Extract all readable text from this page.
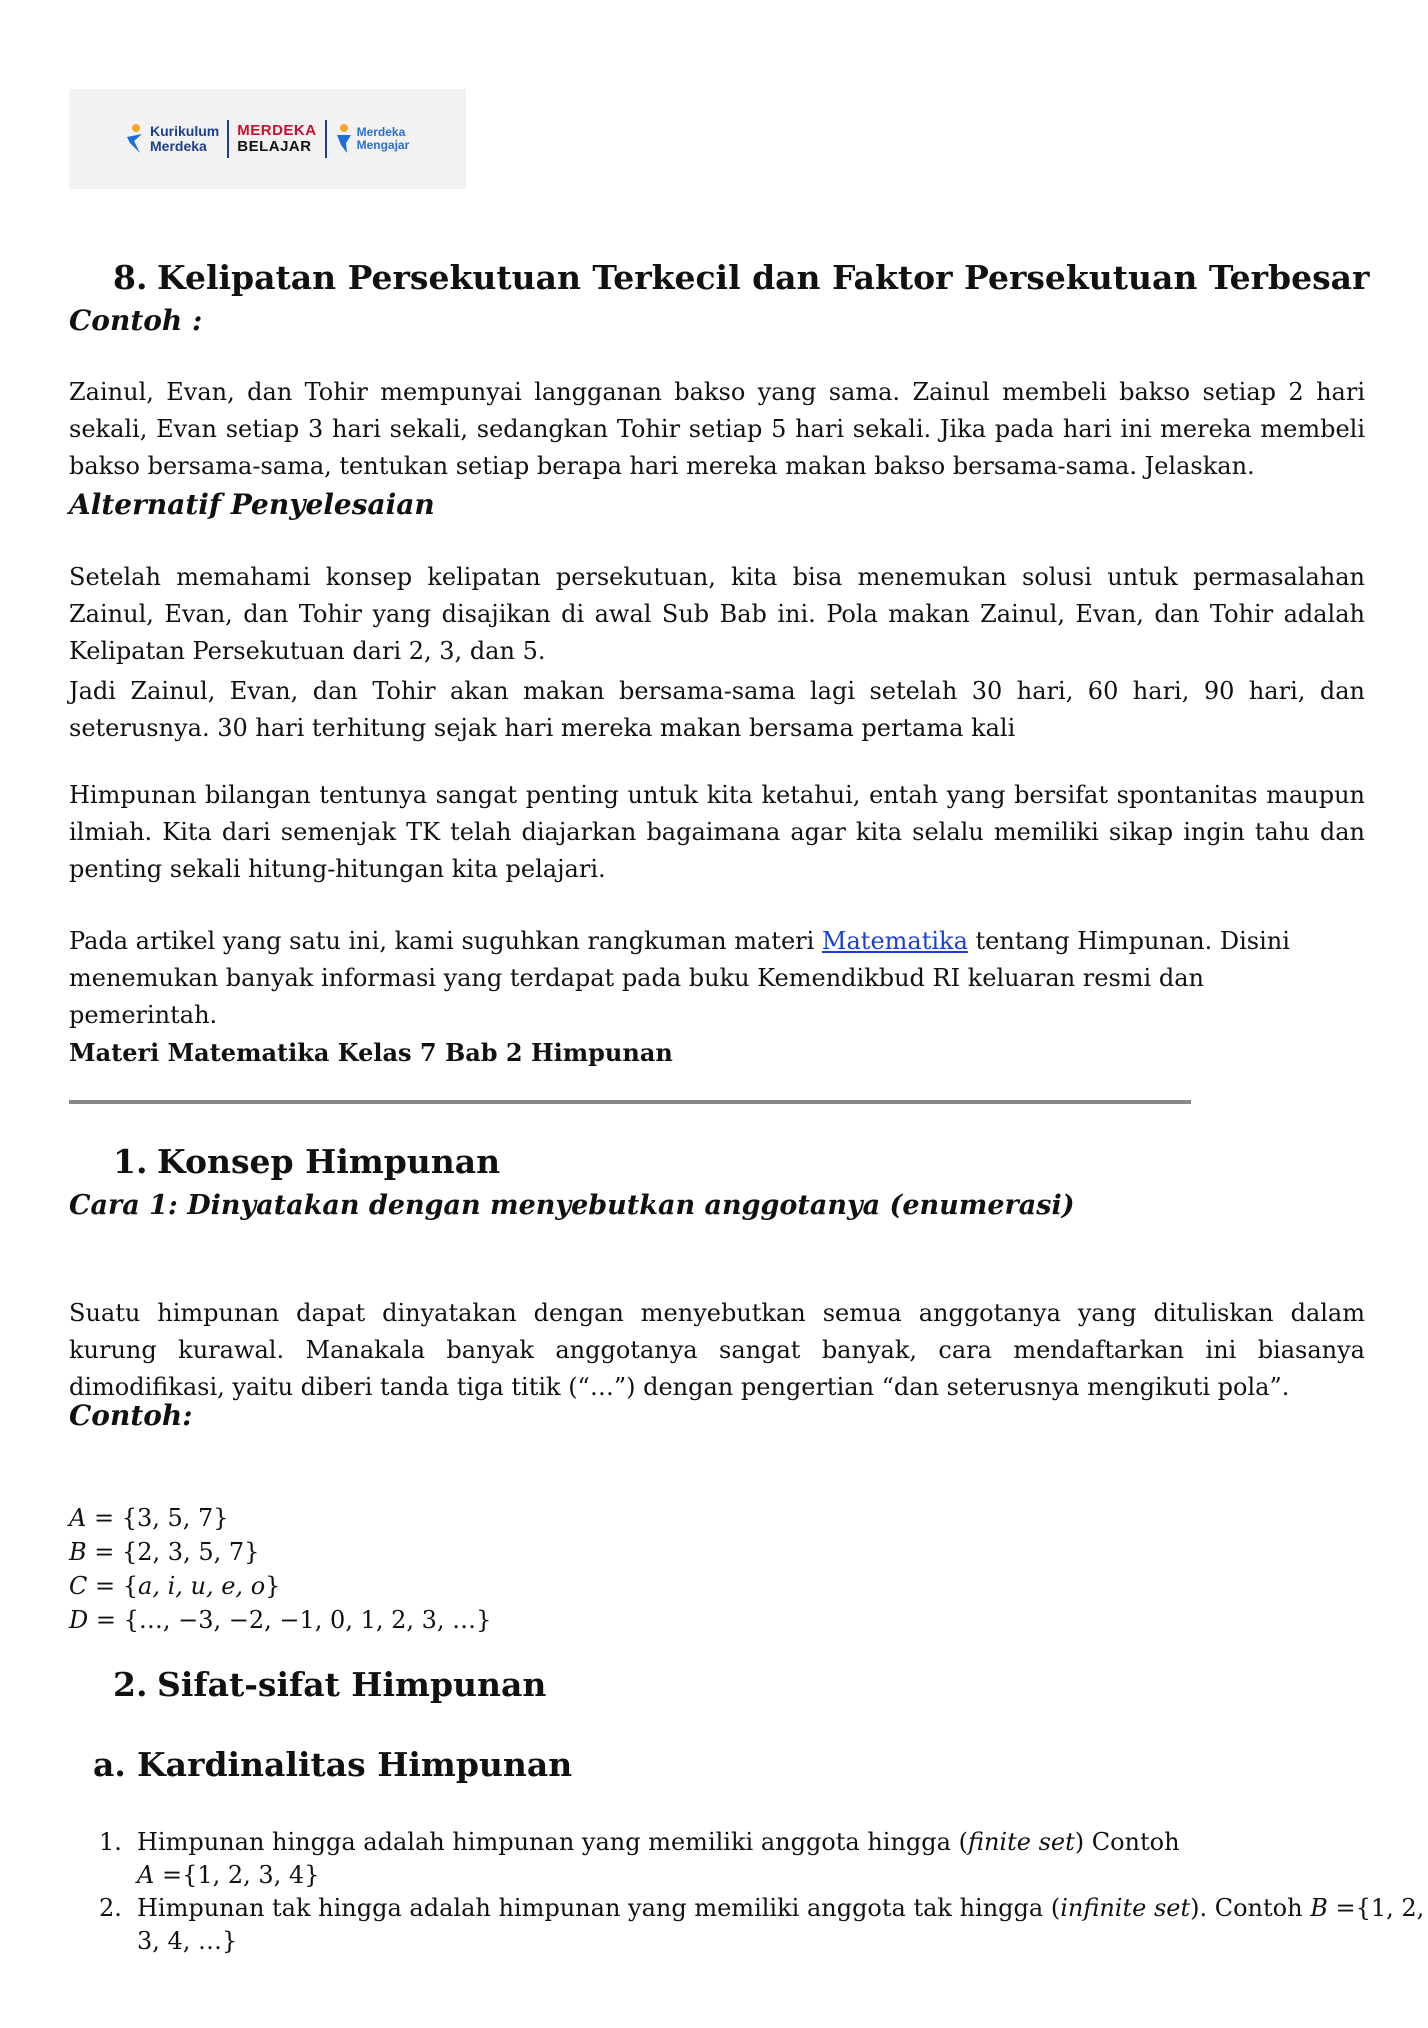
Kurikulum
Merdeka
MERDEKA
BELAJAR
Merdeka
Mengajar
8. Kelipatan Persekutuan Terkecil dan Faktor Persekutuan Terbesar
Contoh :

Zainul, Evan, dan Tohir mempunyai langganan bakso yang sama. Zainul membeli bakso setiap 2 hari sekali, Evan setiap 3 hari sekali, sedangkan Tohir setiap 5 hari sekali. Jika pada hari ini mereka membeli bakso bersama-sama, tentukan setiap berapa hari mereka makan bakso bersama-sama. Jelaskan.

Alternatif Penyelesaian

Setelah memahami konsep kelipatan persekutuan, kita bisa menemukan solusi untuk permasalahan Zainul, Evan, dan Tohir yang disajikan di awal Sub Bab ini. Pola makan Zainul, Evan, dan Tohir adalah Kelipatan Persekutuan dari 2, 3, dan 5.

Jadi Zainul, Evan, dan Tohir akan makan bersama-sama lagi setelah 30 hari, 60 hari, 90 hari, dan seterusnya. 30 hari terhitung sejak hari mereka makan bersama pertama kali

Himpunan bilangan tentunya sangat penting untuk kita ketahui, entah yang bersifat spontanitas maupun ilmiah. Kita dari semenjak TK telah diajarkan bagaimana agar kita selalu memiliki sikap ingin tahu dan penting sekali hitung-hitungan kita pelajari.

Pada artikel yang satu ini, kami suguhkan rangkuman materi Matematika tentang Himpunan. Disini menemukan banyak informasi yang terdapat pada buku Kemendikbud RI keluaran resmi dan pemerintah.

Materi Matematika Kelas 7 Bab 2 Himpunan
1. Konsep Himpunan
Cara 1: Dinyatakan dengan menyebutkan anggotanya (enumerasi)

Suatu himpunan dapat dinyatakan dengan menyebutkan semua anggotanya yang dituliskan dalam kurung kurawal. Manakala banyak anggotanya sangat banyak, cara mendaftarkan ini biasanya dimodifikasi, yaitu diberi tanda tiga titik (“…”) dengan pengertian “dan seterusnya mengikuti pola”.

Contoh:
A = {3, 5, 7}
B = {2, 3, 5, 7}
C = {a, i, u, e, o}
D = {…, −3, −2, −1, 0, 1, 2, 3, …}
2. Sifat-sifat Himpunan
a. Kardinalitas Himpunan
1. Himpunan hingga adalah himpunan yang memiliki anggota hingga (finite set) Contoh
A ={1, 2, 3, 4}
2. Himpunan tak hingga adalah himpunan yang memiliki anggota tak hingga (infinite set). Contoh B ={1, 2, 3, 4, …}
